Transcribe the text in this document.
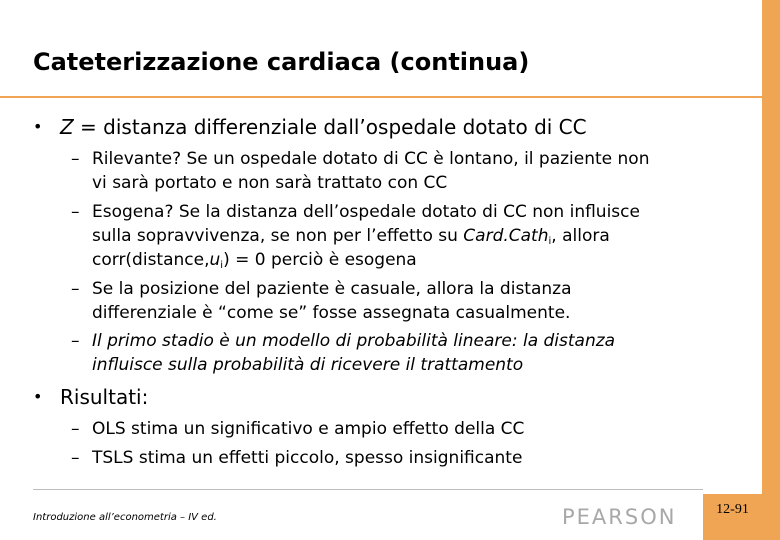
Cateterizzazione cardiaca (continua)
• Z = distanza differenziale dall’ospedale dotato di CC
– Rilevante? Se un ospedale dotato di CC è lontano, il paziente non
vi sarà portato e non sarà trattato con CC
– Esogena? Se la distanza dell’ospedale dotato di CC non influisce
sulla sopravvivenza, se non per l’effetto su Card.Cath$_i$, allora
$corr(distance,u_i) = 0$ perciò è esogena
– Se la posizione del paziente è casuale, allora la distanza
differenziale è “come se” fosse assegnata casualmente.
– Il primo stadio è un modello di probabilità lineare: la distanza
influisce sulla probabilità di ricevere il trattamento
• Risultati:
– OLS stima un significativo e ampio effetto della CC
– TSLS stima un effetti piccolo, spesso insignificante
Introduzione all’econometria – IV ed.	PEARSON	12-91
